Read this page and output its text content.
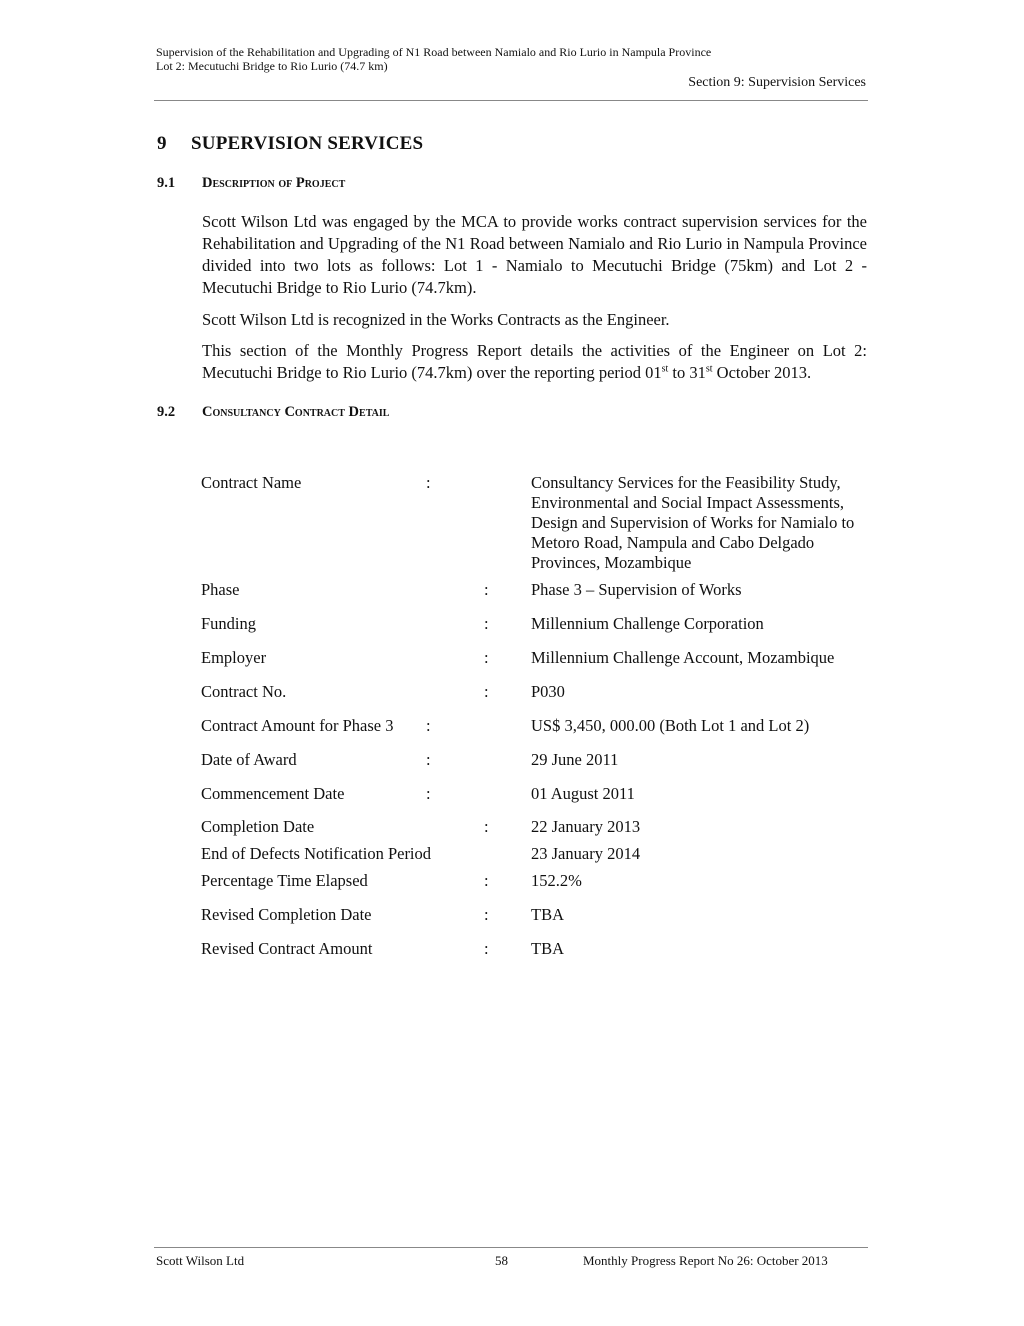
Supervision of the Rehabilitation and Upgrading of N1 Road between Namialo and Rio Lurio in Nampula Province
Lot 2: Mecutuchi Bridge to Rio Lurio (74.7 km)
Section 9: Supervision Services
9 SUPERVISION SERVICES
9.1 Description of Project
Scott Wilson Ltd was engaged by the MCA to provide works contract supervision services for the Rehabilitation and Upgrading of the N1 Road between Namialo and Rio Lurio in Nampula Province divided into two lots as follows: Lot 1 - Namialo to Mecutuchi Bridge (75km) and Lot 2 - Mecutuchi Bridge to Rio Lurio (74.7km).
Scott Wilson Ltd is recognized in the Works Contracts as the Engineer.
This section of the Monthly Progress Report details the activities of the Engineer on Lot 2: Mecutuchi Bridge to Rio Lurio (74.7km) over the reporting period 01st to 31st October 2013.
9.2 Consultancy Contract Detail
Contract Name	:	Consultancy Services for the Feasibility Study, Environmental and Social Impact Assessments, Design and Supervision of Works for Namialo to Metoro Road, Nampula and Cabo Delgado Provinces, Mozambique
Phase	:	Phase 3 – Supervision of Works
Funding	:	Millennium Challenge Corporation
Employer	:	Millennium Challenge Account, Mozambique
Contract No.	:	P030
Contract Amount for Phase 3 :	US$ 3,450, 000.00 (Both Lot 1 and Lot 2)
Date of Award	:	29 June 2011
Commencement Date	:	01 August 2011
Completion Date	:	22 January 2013
End of Defects Notification Period	23 January 2014
Percentage Time Elapsed	:	152.2%
Revised Completion Date	:	TBA
Revised Contract Amount	:	TBA
Scott Wilson Ltd	58	Monthly Progress Report No 26: October 2013
